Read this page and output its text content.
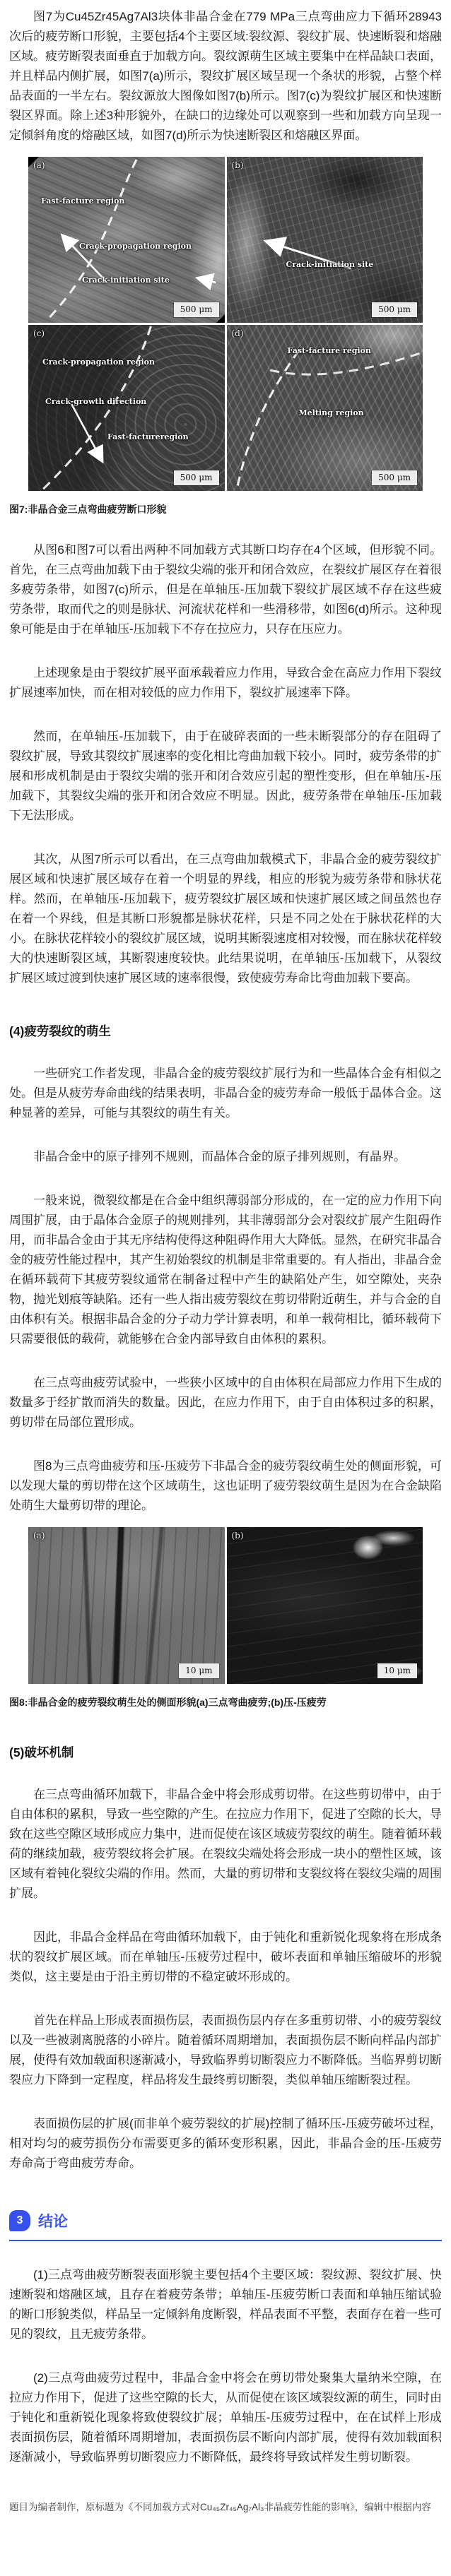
图7为Cu45Zr45Ag7Al3块体非晶合金在779 MPa三点弯曲应力下循环28943次后的疲劳断口形貌，主要包括4个主要区域:裂纹源、裂纹扩展、快速断裂和熔融区域。疲劳断裂表面垂直于加载方向。裂纹源萌生区域主要集中在样品缺口表面，并且样品内侧扩展，如图7(a)所示，裂纹扩展区域呈现一个条状的形貌，占整个样品表面的一半左右。裂纹源放大图像如图7(b)所示。图7(c)为裂纹扩展区和快速断裂区界面。除上述3种形貌外，在缺口的边缘处可以观察到一些和加载方向呈现一定倾斜角度的熔融区域，如图7(d)所示为快速断裂区和熔融区界面。

(a)
Fast-facture region
Crack-propagation region
Crack-initiation site
500 μm
(b)
Crack-initiation site
500 μm
(c)
Crack-propagation region
Crack-growth direction
Fast-factureregion
500 μm
(d)
Fast-facture region
Melting region
500 μm
图7:非晶合金三点弯曲疲劳断口形貌

从图6和图7可以看出两种不同加载方式其断口均存在4个区域，但形貌不同。首先，在三点弯曲加载下由于裂纹尖端的张开和闭合效应，在裂纹扩展区存在着很多疲劳条带，如图7(c)所示，但是在单轴压-压加载下裂纹扩展区域不存在这些疲劳条带，取而代之的则是脉状、河流状花样和一些滑移带，如图6(d)所示。这种现象可能是由于在单轴压-压加载下不存在拉应力，只存在压应力。

上述现象是由于裂纹扩展平面承载着应力作用，导致合金在高应力作用下裂纹扩展速率加快，而在相对较低的应力作用下，裂纹扩展速率下降。

然而，在单轴压-压加载下，由于在破碎表面的一些未断裂部分的存在阻碍了裂纹扩展，导致其裂纹扩展速率的变化相比弯曲加载下较小。同时，疲劳条带的扩展和形成机制是由于裂纹尖端的张开和闭合效应引起的塑性变形，但在单轴压-压加载下，其裂纹尖端的张开和闭合效应不明显。因此，疲劳条带在单轴压-压加载下无法形成。

其次，从图7所示可以看出，在三点弯曲加载模式下，非晶合金的疲劳裂纹扩展区域和快速扩展区域存在着一个明显的界线，相应的形貌为疲劳条带和脉状花样。然而，在单轴压-压加载下，疲劳裂纹扩展区域和快速扩展区域之间虽然也存在着一个界线，但是其断口形貌都是脉状花样，只是不同之处在于脉状花样的大小。在脉状花样较小的裂纹扩展区域，说明其断裂速度相对较慢，而在脉状花样较大的快速断裂区域，其断裂速度较快。此结果说明，在单轴压-压加载下，从裂纹扩展区域过渡到快速扩展区域的速率很慢，致使疲劳寿命比弯曲加载下要高。

(4)疲劳裂纹的萌生

一些研究工作者发现，非晶合金的疲劳裂纹扩展行为和一些晶体合金有相似之处。但是从疲劳寿命曲线的结果表明，非晶合金的疲劳寿命一般低于晶体合金。这种显著的差异，可能与其裂纹的萌生有关。

非晶合金中的原子排列不规则，而晶体合金的原子排列规则，有晶界。

一般来说，微裂纹都是在合金中组织薄弱部分形成的，在一定的应力作用下向周围扩展，由于晶体合金原子的规则排列，其非薄弱部分会对裂纹扩展产生阻碍作用，而非晶合金由于其无序结构使得这种阻碍作用大大降低。显然，在研究非晶合金的疲劳性能过程中，其产生初始裂纹的机制是非常重要的。有人指出，非晶合金在循环载荷下其疲劳裂纹通常在制备过程中产生的缺陷处产生，如空隙处，夹杂物，抛光划痕等缺陷。还有一些人指出疲劳裂纹在剪切带附近萌生，并与合金的自由体积有关。根据非晶合金的分子动力学计算表明，和单一载荷相比，循环载荷下只需要很低的载荷，就能够在合金内部导致自由体积的累积。

在三点弯曲疲劳试验中，一些狭小区域中的自由体积在局部应力作用下生成的数量多于经扩散而消失的数量。因此，在应力作用下，由于自由体积过多的积累，剪切带在局部位置形成。

图8为三点弯曲疲劳和压-压疲劳下非晶合金的疲劳裂纹萌生处的侧面形貌，可以发现大量的剪切带在这个区域萌生，这也证明了疲劳裂纹萌生是因为在合金缺陷处萌生大量剪切带的理论。

(a)
10 μm
(b)
10 μm
图8:非晶合金的疲劳裂纹萌生处的侧面形貌(a)三点弯曲疲劳;(b)压-压疲劳
(5)破坏机制

在三点弯曲循环加载下，非晶合金中将会形成剪切带。在这些剪切带中，由于自由体积的累积，导致一些空隙的产生。在拉应力作用下，促进了空隙的长大，导致在这些空隙区域形成应力集中，进而促使在该区域疲劳裂纹的萌生。随着循环载荷的继续加载，疲劳裂纹将会扩展。在裂纹尖端处将会形成一块小的塑性区域，该区域有着钝化裂纹尖端的作用。然而，大量的剪切带和支裂纹将在裂纹尖端的周围扩展。

因此，非晶合金样品在弯曲循环加载下，由于钝化和重新锐化现象将在形成条状的裂纹扩展区域。而在单轴压-压疲劳过程中，破坏表面和单轴压缩破坏的形貌类似，这主要是由于沿主剪切带的不稳定破坏形成的。

首先在样品上形成表面损伤层，表面损伤层内存在多重剪切带、小的疲劳裂纹以及一些被剥离脱落的小碎片。随着循环周期增加，表面损伤层不断向样品内部扩展，使得有效加载面积逐渐减小，导致临界剪切断裂应力不断降低。当临界剪切断裂应力下降到一定程度，样品将发生最终剪切断裂，类似单轴压缩断裂过程。

表面损伤层的扩展(而非单个疲劳裂纹的扩展)控制了循环压-压疲劳破坏过程，相对均匀的疲劳损伤分布需要更多的循环变形积累，因此，非晶合金的压-压疲劳寿命高于弯曲疲劳寿命。

3	结论

(1)三点弯曲疲劳断裂表面形貌主要包括4个主要区域：裂纹源、裂纹扩展、快速断裂和熔融区域，且存在着疲劳条带；单轴压-压疲劳断口表面和单轴压缩试验的断口形貌类似，样品呈一定倾斜角度断裂，样品表面不平整，表面存在着一些可见的裂纹，且无疲劳条带。

(2)三点弯曲疲劳过程中，非晶合金中将会在剪切带处聚集大量纳米空隙，在拉应力作用下，促进了这些空隙的长大，从而促使在该区域裂纹源的萌生，同时由于钝化和重新锐化现象将致使裂纹扩展；单轴压-压疲劳过程中，在在试样上形成表面损伤层，随着循环周期增加，表面损伤层不断向内部扩展，使得有效加载面积逐渐减小，导致临界剪切断裂应力不断降低，最终将导致试样发生剪切断裂。

题目为编者制作，原标题为《不同加载方式对Cu₄₅Zr₄₅Ag₇Al₃非晶疲劳性能的影响》，编辑中根据内容
